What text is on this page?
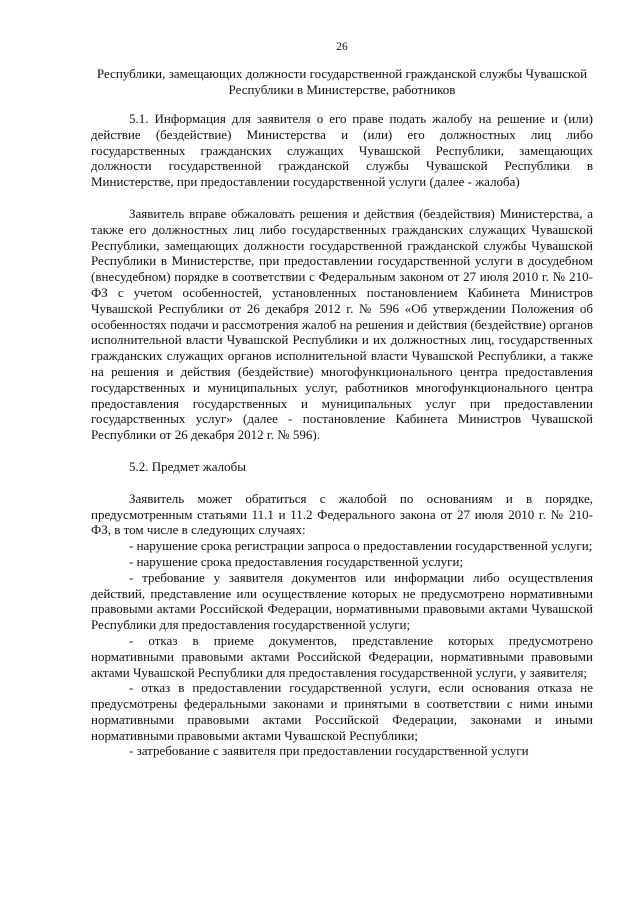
26
Республики, замещающих должности государственной гражданской службы Чувашской Республики в Министерстве, работников

5.1. Информация для заявителя о его праве подать жалобу на решение и (или) действие (бездействие) Министерства и (или) его должностных лиц либо государственных гражданских служащих Чувашской Республики, замещающих должности государственной гражданской службы Чувашской Республики в Министерстве, при предоставлении государственной услуги (далее - жалоба)

Заявитель вправе обжаловать решения и действия (бездействия) Министерства, а также его должностных лиц либо государственных гражданских служащих Чувашской Республики, замещающих должности государственной гражданской службы Чувашской Республики в Министерстве, при предоставлении государственной услуги в досудебном (внесудебном) порядке в соответствии с Федеральным законом от 27 июля 2010 г. № 210-ФЗ с учетом особенностей, установленных постановлением Кабинета Министров Чувашской Республики от 26 декабря 2012 г. № 596 «Об утверждении Положения об особенностях подачи и рассмотрения жалоб на решения и действия (бездействие) органов исполнительной власти Чувашской Республики и их должностных лиц, государственных гражданских служащих органов исполнительной власти Чувашской Республики, а также на решения и действия (бездействие) многофункционального центра предоставления государственных и муниципальных услуг, работников многофункционального центра предоставления государственных и муниципальных услуг при предоставлении государственных услуг» (далее - постановление Кабинета Министров Чувашской Республики от 26 декабря 2012 г. № 596).

5.2. Предмет жалобы

Заявитель может обратиться с жалобой по основаниям и в порядке, предусмотренным статьями 11.1 и 11.2 Федерального закона от 27 июля 2010 г. № 210-ФЗ, в том числе в следующих случаях:

- нарушение срока регистрации запроса о предоставлении государственной услуги;

- нарушение срока предоставления государственной услуги;

- требование у заявителя документов или информации либо осуществления действий, представление или осуществление которых не предусмотрено нормативными правовыми актами Российской Федерации, нормативными правовыми актами Чувашской Республики для предоставления государственной услуги;

- отказ в приеме документов, представление которых предусмотрено нормативными правовыми актами Российской Федерации, нормативными правовыми актами Чувашской Республики для предоставления государственной услуги, у заявителя;

- отказ в предоставлении государственной услуги, если основания отказа не предусмотрены федеральными законами и принятыми в соответствии с ними иными нормативными правовыми актами Российской Федерации, законами и иными нормативными правовыми актами Чувашской Республики;

- затребование с заявителя при предоставлении государственной услуги
